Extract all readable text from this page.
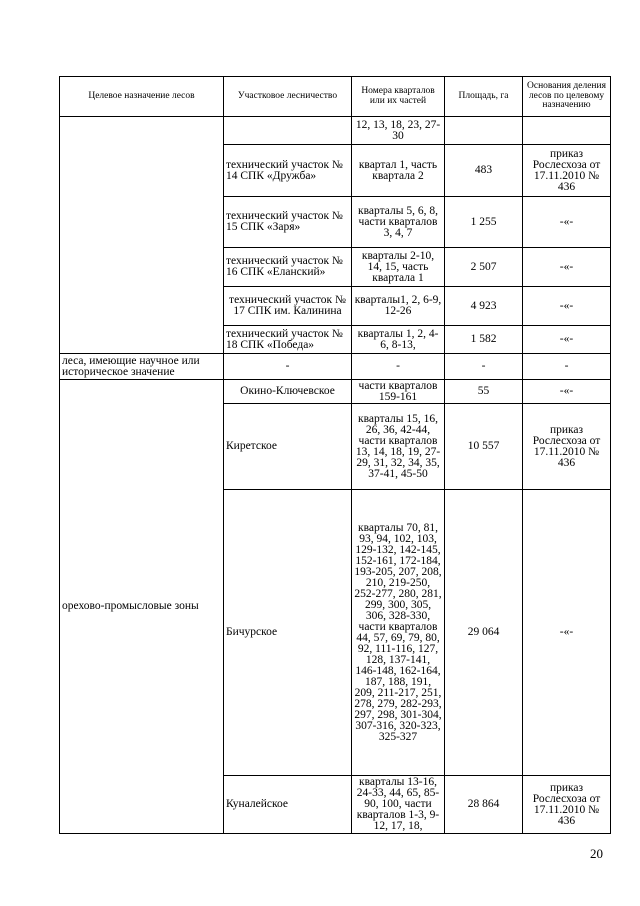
Целевое назначение лесов	Участковое лесничество	Номера кварталов или их частей	Площадь, га	Основания деления лесов по целевому назначению
		12, 13, 18, 23, 27-30		
	технический участок № 14 СПК «Дружба»	квартал 1, часть квартала 2	483	приказ Рослесхоза от 17.11.2010 № 436
	технический участок № 15 СПК «Заря»	кварталы 5, 6, 8, части кварталов 3, 4, 7	1 255	-«-
	технический участок № 16 СПК «Еланский»	кварталы 2-10, 14, 15, часть квартала 1	2 507	-«-
	технический участок № 17 СПК им. Калинина	кварталы1, 2, 6-9, 12-26	4 923	-«-
	технический участок № 18 СПК «Победа»	кварталы 1, 2, 4-6, 8-13,	1 582	-«-
леса, имеющие научное или историческое значение	-	-	-	-
орехово-промысловые зоны	Окино-Ключевское	части кварталов 159-161	55	-«-
	Киретское	кварталы 15, 16, 26, 36, 42-44, части кварталов 13, 14, 18, 19, 27-29, 31, 32, 34, 35, 37-41, 45-50	10 557	приказ Рослесхоза от 17.11.2010 № 436
	Бичурское	кварталы 70, 81, 93, 94, 102, 103, 129-132, 142-145, 152-161, 172-184, 193-205, 207, 208, 210, 219-250, 252-277, 280, 281, 299, 300, 305, 306, 328-330, части кварталов 44, 57, 69, 79, 80, 92, 111-116, 127, 128, 137-141, 146-148, 162-164, 187, 188, 191, 209, 211-217, 251, 278, 279, 282-293, 297, 298, 301-304, 307-316, 320-323, 325-327	29 064	-«-
	Куналейское	кварталы 13-16, 24-33, 44, 65, 85-90, 100, части кварталов 1-3, 9-12, 17, 18,	28 864	приказ Рослесхоза от 17.11.2010 № 436
20
